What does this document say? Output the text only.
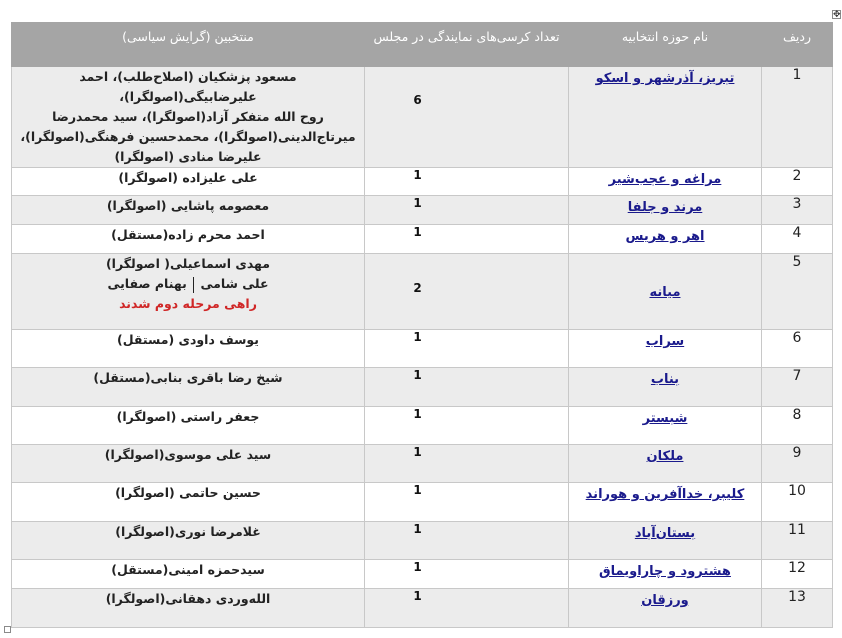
✥
ردیف	نام حوزه انتخابیه	تعداد کرسی‌های نمایندگی در مجلس	منتخبین (گرایش سیاسی)
1	تبریز، آذرشهر و اسکو	6	مسعود پزشکیان (اصلاح‌طلب)، احمد علیرضابیگی(اصولگرا)،
روح الله متفکر آزاد(اصولگرا)، سید محمدرضا
میرتاج‌الدینی(اصولگرا)، محمدحسین فرهنگی(اصولگرا)،
علیرضا منادی (اصولگرا)

2	مراغه و عجب‌شیر	1	علی علیزاده (اصولگرا)

3	مرند و جلفا	1	معصومه پاشایی (اصولگرا)

4	اهر و هریس	1	احمد محرم زاده(مستقل)

5	میانه	2	مهدی اسماعیلی( اصولگرا)
علی شامی  بهنام صفایی
راهی مرحله دوم شدند

6	سراب	1	یوسف داودی (مستقل)

7	بناب	1	شیخ رضا باقری بنابی(مستقل)

8	شبستر	1	جعفر راستی (اصولگرا)

9	ملکان	1	سید علی موسوی(اصولگرا)

10	کلیبر، خداآفرین و هوراند	1	حسین حاتمی (اصولگرا)

11	بستان‌آباد	1	غلامرضا نوری(اصولگرا)

12	هشترود و چاراویماق	1	سیدحمزه امینی(مستقل)

13	ورزقان	1	الله‌وردی دهقانی(اصولگرا)
